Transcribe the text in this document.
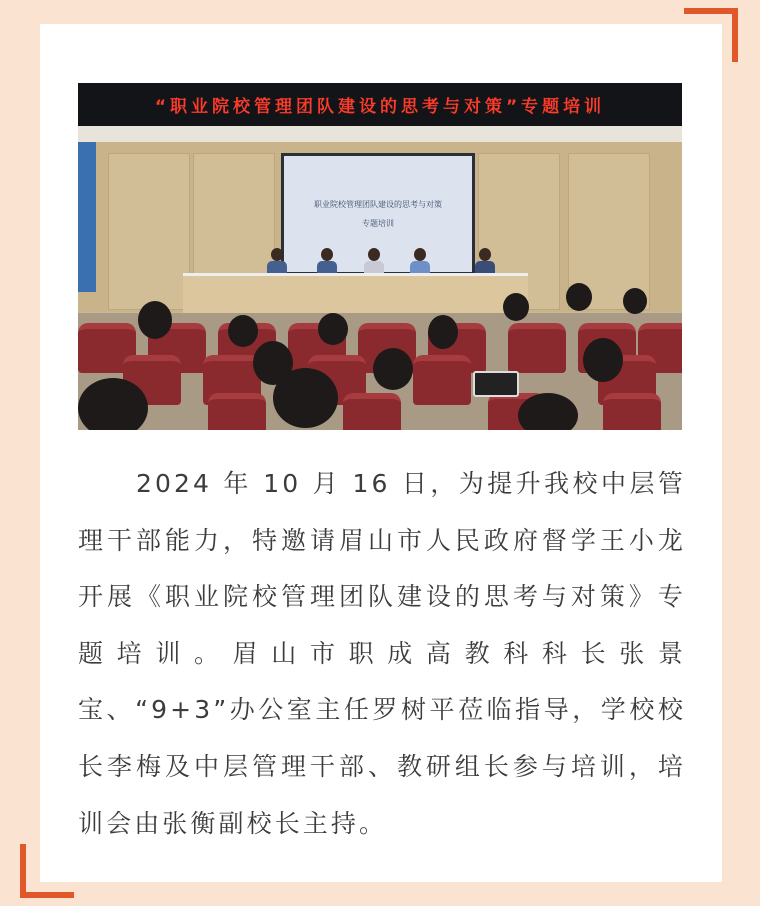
“职业院校管理团队建设的思考与对策”专题培训
职业院校管理团队建设的思考与对策
专题培训

2024 年 10 月 16 日，为提升我校中层管理干部能力，特邀请眉山市人民政府督学王小龙开展《职业院校管理团队建设的思考与对策》专题培训。眉山市职成高教科科长张景宝、“9+3”办公室主任罗树平莅临指导，学校校长李梅及中层管理干部、教研组长参与培训，培训会由张衡副校长主持。
